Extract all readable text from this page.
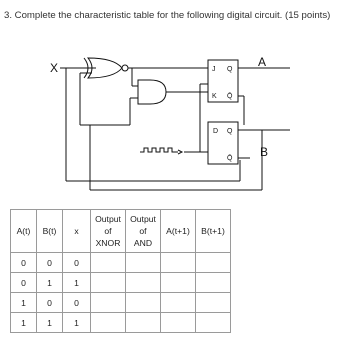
3. Complete the characteristic table for the following digital circuit. (15 points)
X	A
B
J Q
K Q̄
D Q
Q̄
A(t)	B(t)	x	Output
of
XNOR	Output
of
AND	A(t+1)	B(t+1)
0	0	0				
0	1	1				
1	0	0				
1	1	1				
